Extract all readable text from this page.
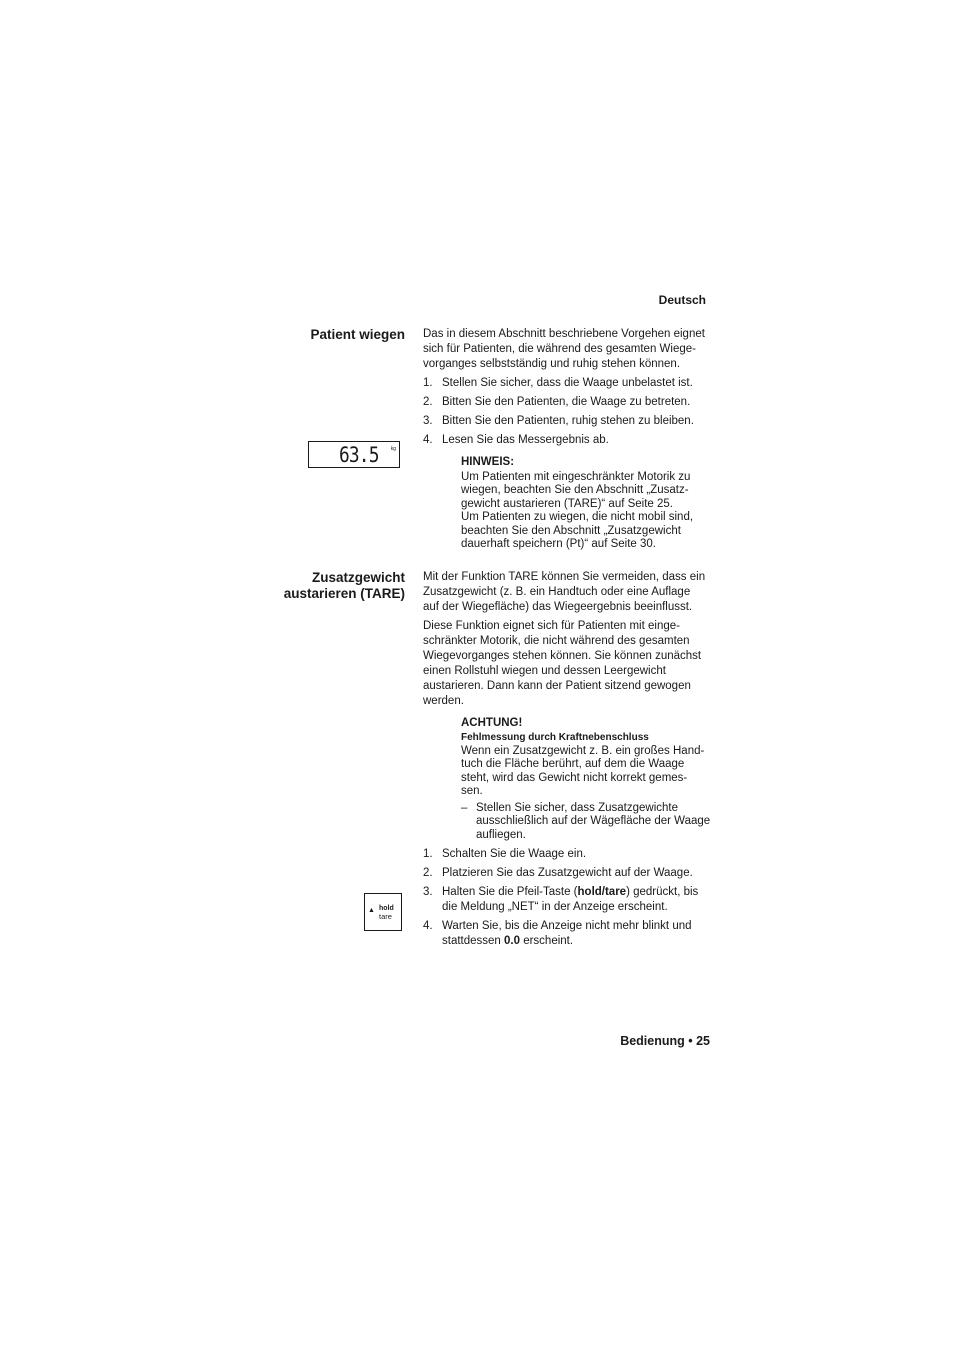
Deutsch
Patient wiegen Das in diesem Abschnitt beschriebene Vorgehen eignet

sich für Patienten, die während des gesamten Wiege-

vorganges selbstständig und ruhig stehen können.

1. Stellen Sie sicher, dass die Waage unbelastet ist.
2. Bitten Sie den Patienten, die Waage zu betreten.
3. Bitten Sie den Patienten, ruhig stehen zu bleiben.
4. Lesen Sie das Messergebnis ab.
63.5 kg
HINWEIS:

Um Patienten mit eingeschränkter Motorik zu

wiegen, beachten Sie den Abschnitt „Zusatz-

gewicht austarieren (TARE)“ auf Seite 25.

Um Patienten zu wiegen, die nicht mobil sind,

beachten Sie den Abschnitt „Zusatzgewicht

dauerhaft speichern (Pt)“ auf Seite 30.

Zusatzgewicht
austarieren (TARE)

Mit der Funktion TARE können Sie vermeiden, dass ein

Zusatzgewicht (z. B. ein Handtuch oder eine Auflage

auf der Wiegefläche) das Wiegeergebnis beeinflusst.

Diese Funktion eignet sich für Patienten mit einge-

schränkter Motorik, die nicht während des gesamten

Wiegevorganges stehen können. Sie können zunächst

einen Rollstuhl wiegen und dessen Leergewicht

austarieren. Dann kann der Patient sitzend gewogen

werden.

ACHTUNG!
Fehlmessung durch Kraftnebenschluss

Wenn ein Zusatzgewicht z. B. ein großes Hand-

tuch die Fläche berührt, auf dem die Waage

steht, wird das Gewicht nicht korrekt gemes-

sen.

– Stellen Sie sicher, dass Zusatzgewichte
ausschließlich auf der Wägefläche der Waage
aufliegen.
1. Schalten Sie die Waage ein.
2. Platzieren Sie das Zusatzgewicht auf der Waage.
3. Halten Sie die Pfeil-Taste (hold/tare) gedrückt, bis
die Meldung „NET“ in der Anzeige erscheint.
4. Warten Sie, bis die Anzeige nicht mehr blinkt und
stattdessen 0.0 erscheint.
▲ hold
tare
Bedienung • 25
